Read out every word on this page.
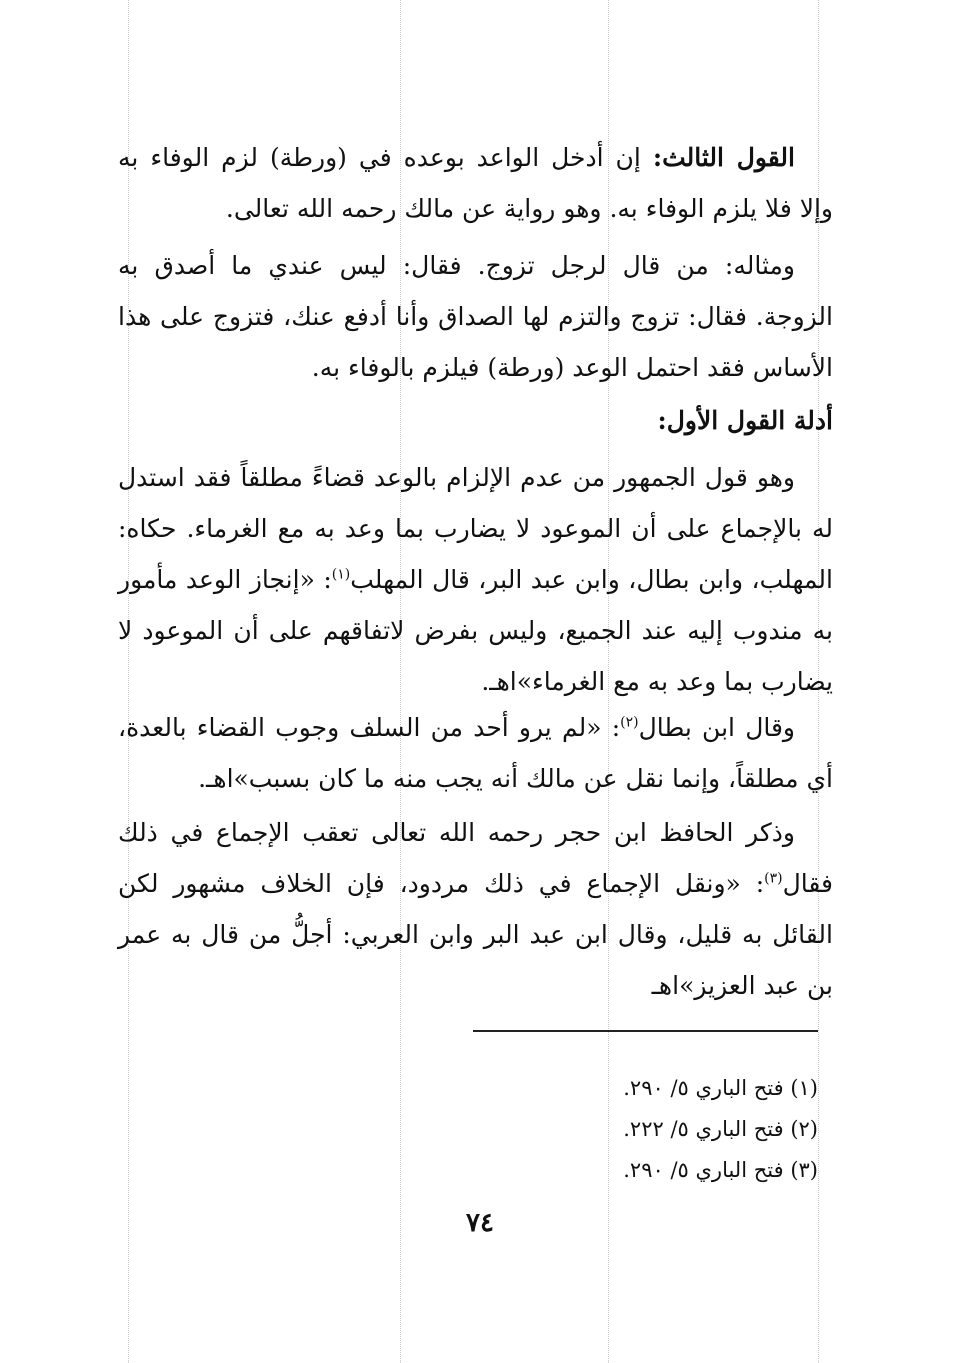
القول الثالث: إن أدخل الواعد بوعده في (ورطة) لزم الوفاء به وإلا فلا يلزم الوفاء به. وهو رواية عن مالك رحمه الله تعالى.

ومثاله: من قال لرجل تزوج. فقال: ليس عندي ما أصدق به الزوجة. فقال: تزوج والتزم لها الصداق وأنا أدفع عنك، فتزوج على هذا الأساس فقد احتمل الوعد (ورطة) فيلزم بالوفاء به.

أدلة القول الأول:

وهو قول الجمهور من عدم الإلزام بالوعد قضاءً مطلقاً فقد استدل له بالإجماع على أن الموعود لا يضارب بما وعد به مع الغرماء. حكاه: المهلب، وابن بطال، وابن عبد البر، قال المهلب$^{(١)}$: «إنجاز الوعد مأمور به مندوب إليه عند الجميع، وليس بفرض لاتفاقهم على أن الموعود لا يضارب بما وعد به مع الغرماء»اهـ.

وقال ابن بطال$^{(٢)}$: «لم يرو أحد من السلف وجوب القضاء بالعدة، أي مطلقاً، وإنما نقل عن مالك أنه يجب منه ما كان بسبب»اهـ.

وذكر الحافظ ابن حجر رحمه الله تعالى تعقب الإجماع في ذلك فقال$^{(٣)}$: «ونقل الإجماع في ذلك مردود، فإن الخلاف مشهور لكن القائل به قليل، وقال ابن عبد البر وابن العربي: أجلُّ من قال به عمر بن عبد العزيز»اهـ

(١) فتح الباري ٥/ ٢٩٠.

(٢) فتح الباري ٥/ ٢٢٢.

(٣) فتح الباري ٥/ ٢٩٠.

٧٤
